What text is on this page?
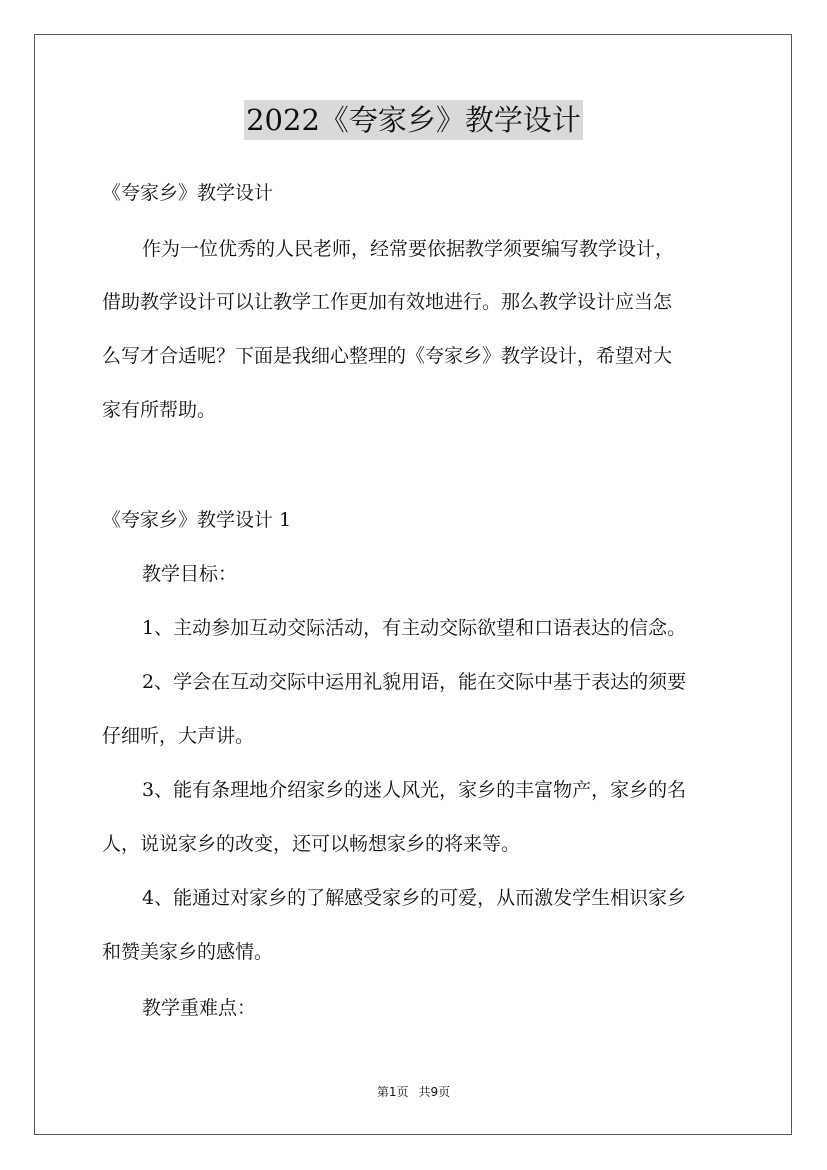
2022《夸家乡》教学设计
《夸家乡》教学设计
作为一位优秀的人民老师，经常要依据教学须要编写教学设计，
借助教学设计可以让教学工作更加有效地进行。那么教学设计应当怎
么写才合适呢？下面是我细心整理的《夸家乡》教学设计，希望对大
家有所帮助。
《夸家乡》教学设计 1
教学目标：
1、主动参加互动交际活动，有主动交际欲望和口语表达的信念。
2、学会在互动交际中运用礼貌用语，能在交际中基于表达的须要
仔细听，大声讲。
3、能有条理地介绍家乡的迷人风光，家乡的丰富物产，家乡的名
人，说说家乡的改变，还可以畅想家乡的将来等。
4、能通过对家乡的了解感受家乡的可爱，从而激发学生相识家乡
和赞美家乡的感情。
教学重难点：
第1页 共9页
